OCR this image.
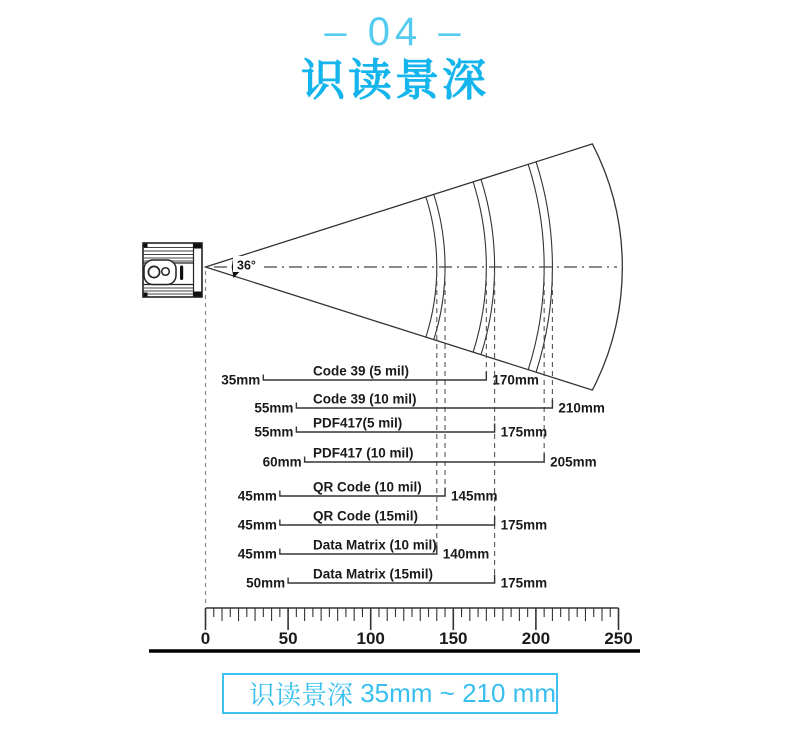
– 04 –
识读景深
36°
35mm	170mm
Code 39 (5 mil)
55mm	210mm
Code 39 (10 mil)
55mm	175mm
PDF417(5 mil)
60mm	205mm
PDF417 (10 mil)
45mm	145mm
QR Code (10 mil)
45mm	175mm
QR Code (15mil)
45mm	140mm
Data Matrix (10 mil)
50mm	175mm
Data Matrix (15mil)
0	50	100	150	200	250
识读景深 35mm ~ 210 mm
